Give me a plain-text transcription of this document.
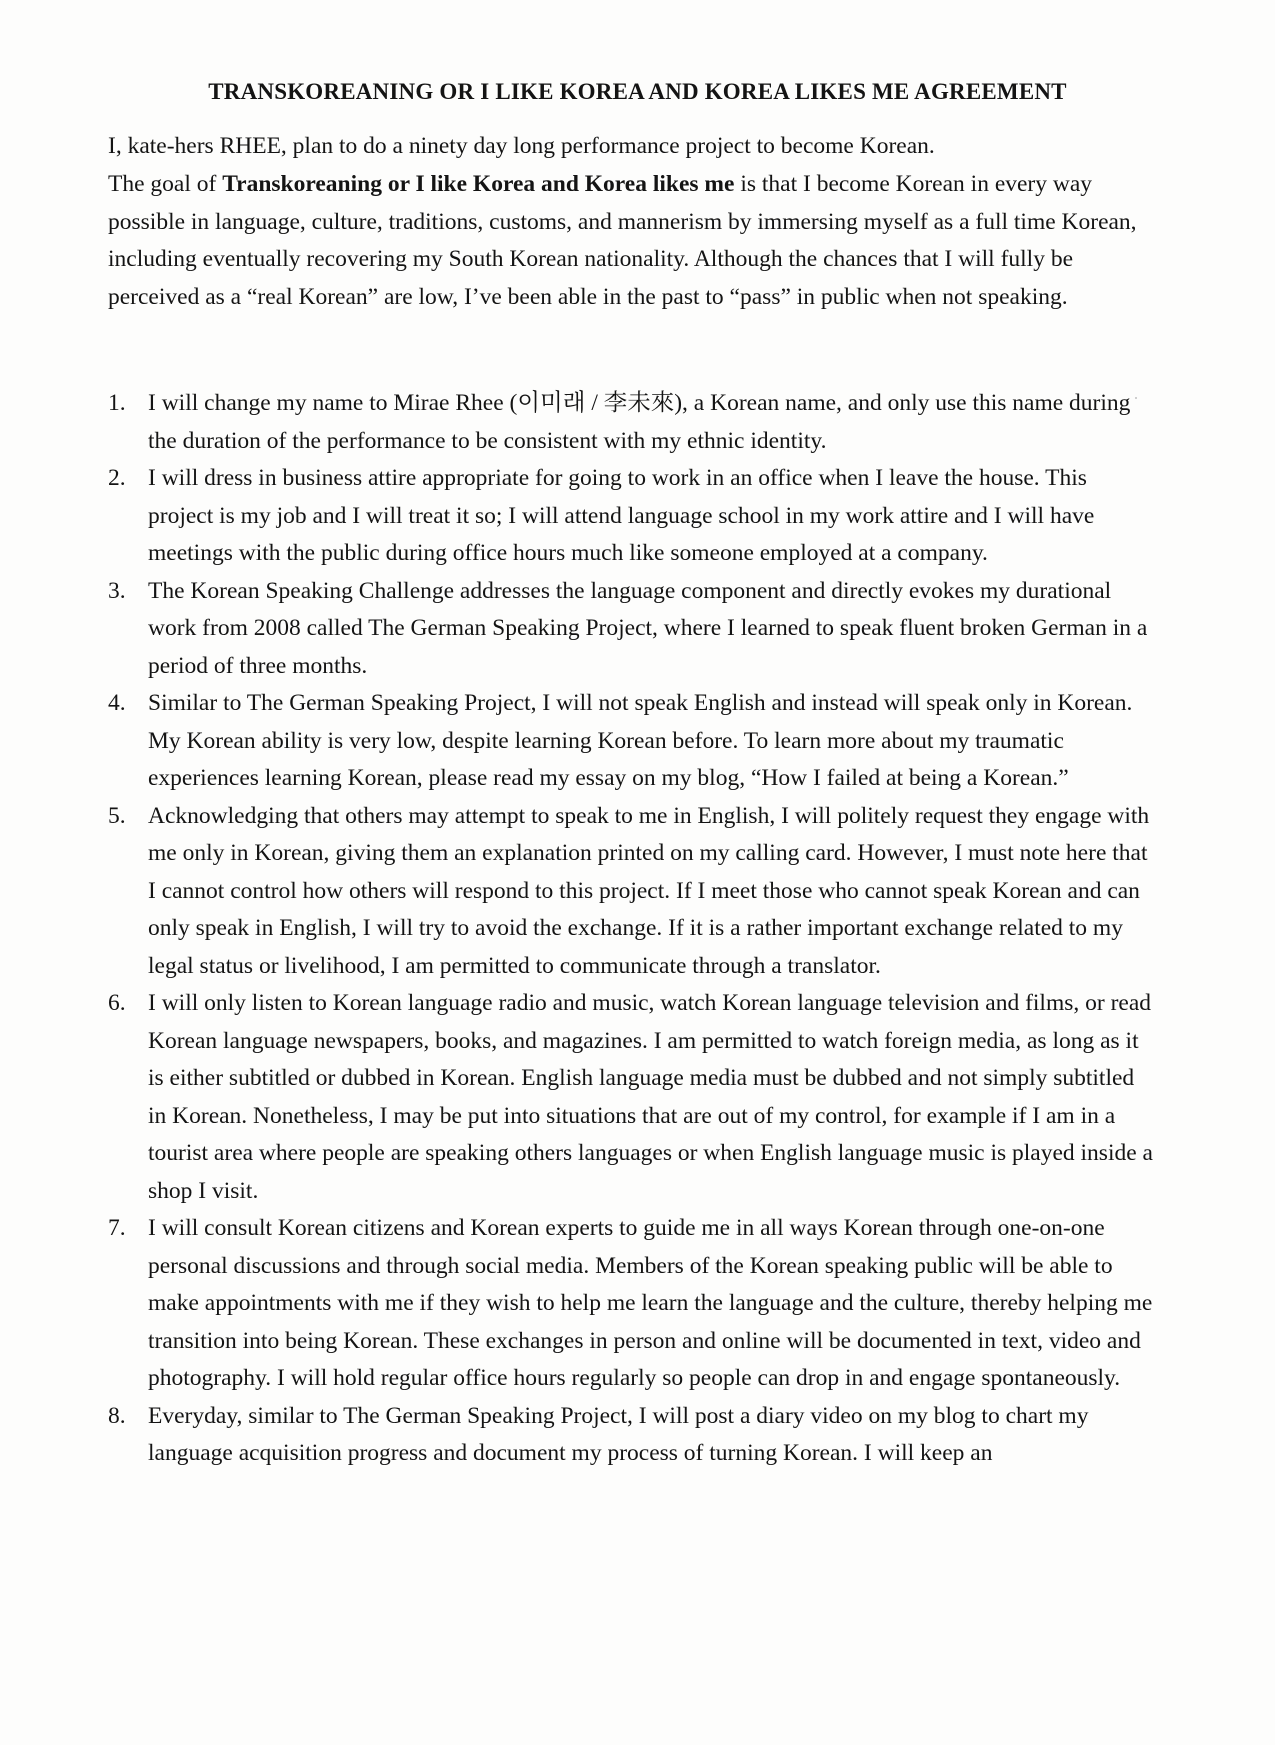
TRANSKOREANING OR I LIKE KOREA AND KOREA LIKES ME AGREEMENT

I, kate-hers RHEE, plan to do a ninety day long performance project to become Korean.

The goal of Transkoreaning or I like Korea and Korea likes me is that I become Korean in every way possible in language, culture, traditions, customs, and mannerism by immersing myself as a full time Korean, including eventually recovering my South Korean nationality. Although the chances that I will fully be perceived as a “real Korean” are low, I’ve been able in the past to “pass” in public when not speaking.

1. I will change my name to Mirae Rhee (이미래 / 李未來), a Korean name, and only use this name during the duration of the performance to be consistent with my ethnic identity.
2. I will dress in business attire appropriate for going to work in an office when I leave the house. This project is my job and I will treat it so; I will attend language school in my work attire and I will have meetings with the public during office hours much like someone employed at a company.
3. The Korean Speaking Challenge addresses the language component and directly evokes my durational work from 2008 called The German Speaking Project, where I learned to speak fluent broken German in a period of three months.
4. Similar to The German Speaking Project, I will not speak English and instead will speak only in Korean. My Korean ability is very low, despite learning Korean before. To learn more about my traumatic experiences learning Korean, please read my essay on my blog, “How I failed at being a Korean.”
5. Acknowledging that others may attempt to speak to me in English, I will politely request they engage with me only in Korean, giving them an explanation printed on my calling card. However, I must note here that I cannot control how others will respond to this project. If I meet those who cannot speak Korean and can only speak in English, I will try to avoid the exchange. If it is a rather important exchange related to my legal status or livelihood, I am permitted to communicate through a translator.
6. I will only listen to Korean language radio and music, watch Korean language television and films, or read Korean language newspapers, books, and magazines. I am permitted to watch foreign media, as long as it is either subtitled or dubbed in Korean. English language media must be dubbed and not simply subtitled in Korean. Nonetheless, I may be put into situations that are out of my control, for example if I am in a tourist area where people are speaking others languages or when English language music is played inside a shop I visit.
7. I will consult Korean citizens and Korean experts to guide me in all ways Korean through one-on-one personal discussions and through social media. Members of the Korean speaking public will be able to make appointments with me if they wish to help me learn the language and the culture, thereby helping me transition into being Korean. These exchanges in person and online will be documented in text, video and photography. I will hold regular office hours regularly so people can drop in and engage spontaneously.
8. Everyday, similar to The German Speaking Project, I will post a diary video on my blog to chart my language acquisition progress and document my process of turning Korean. I will keep an
